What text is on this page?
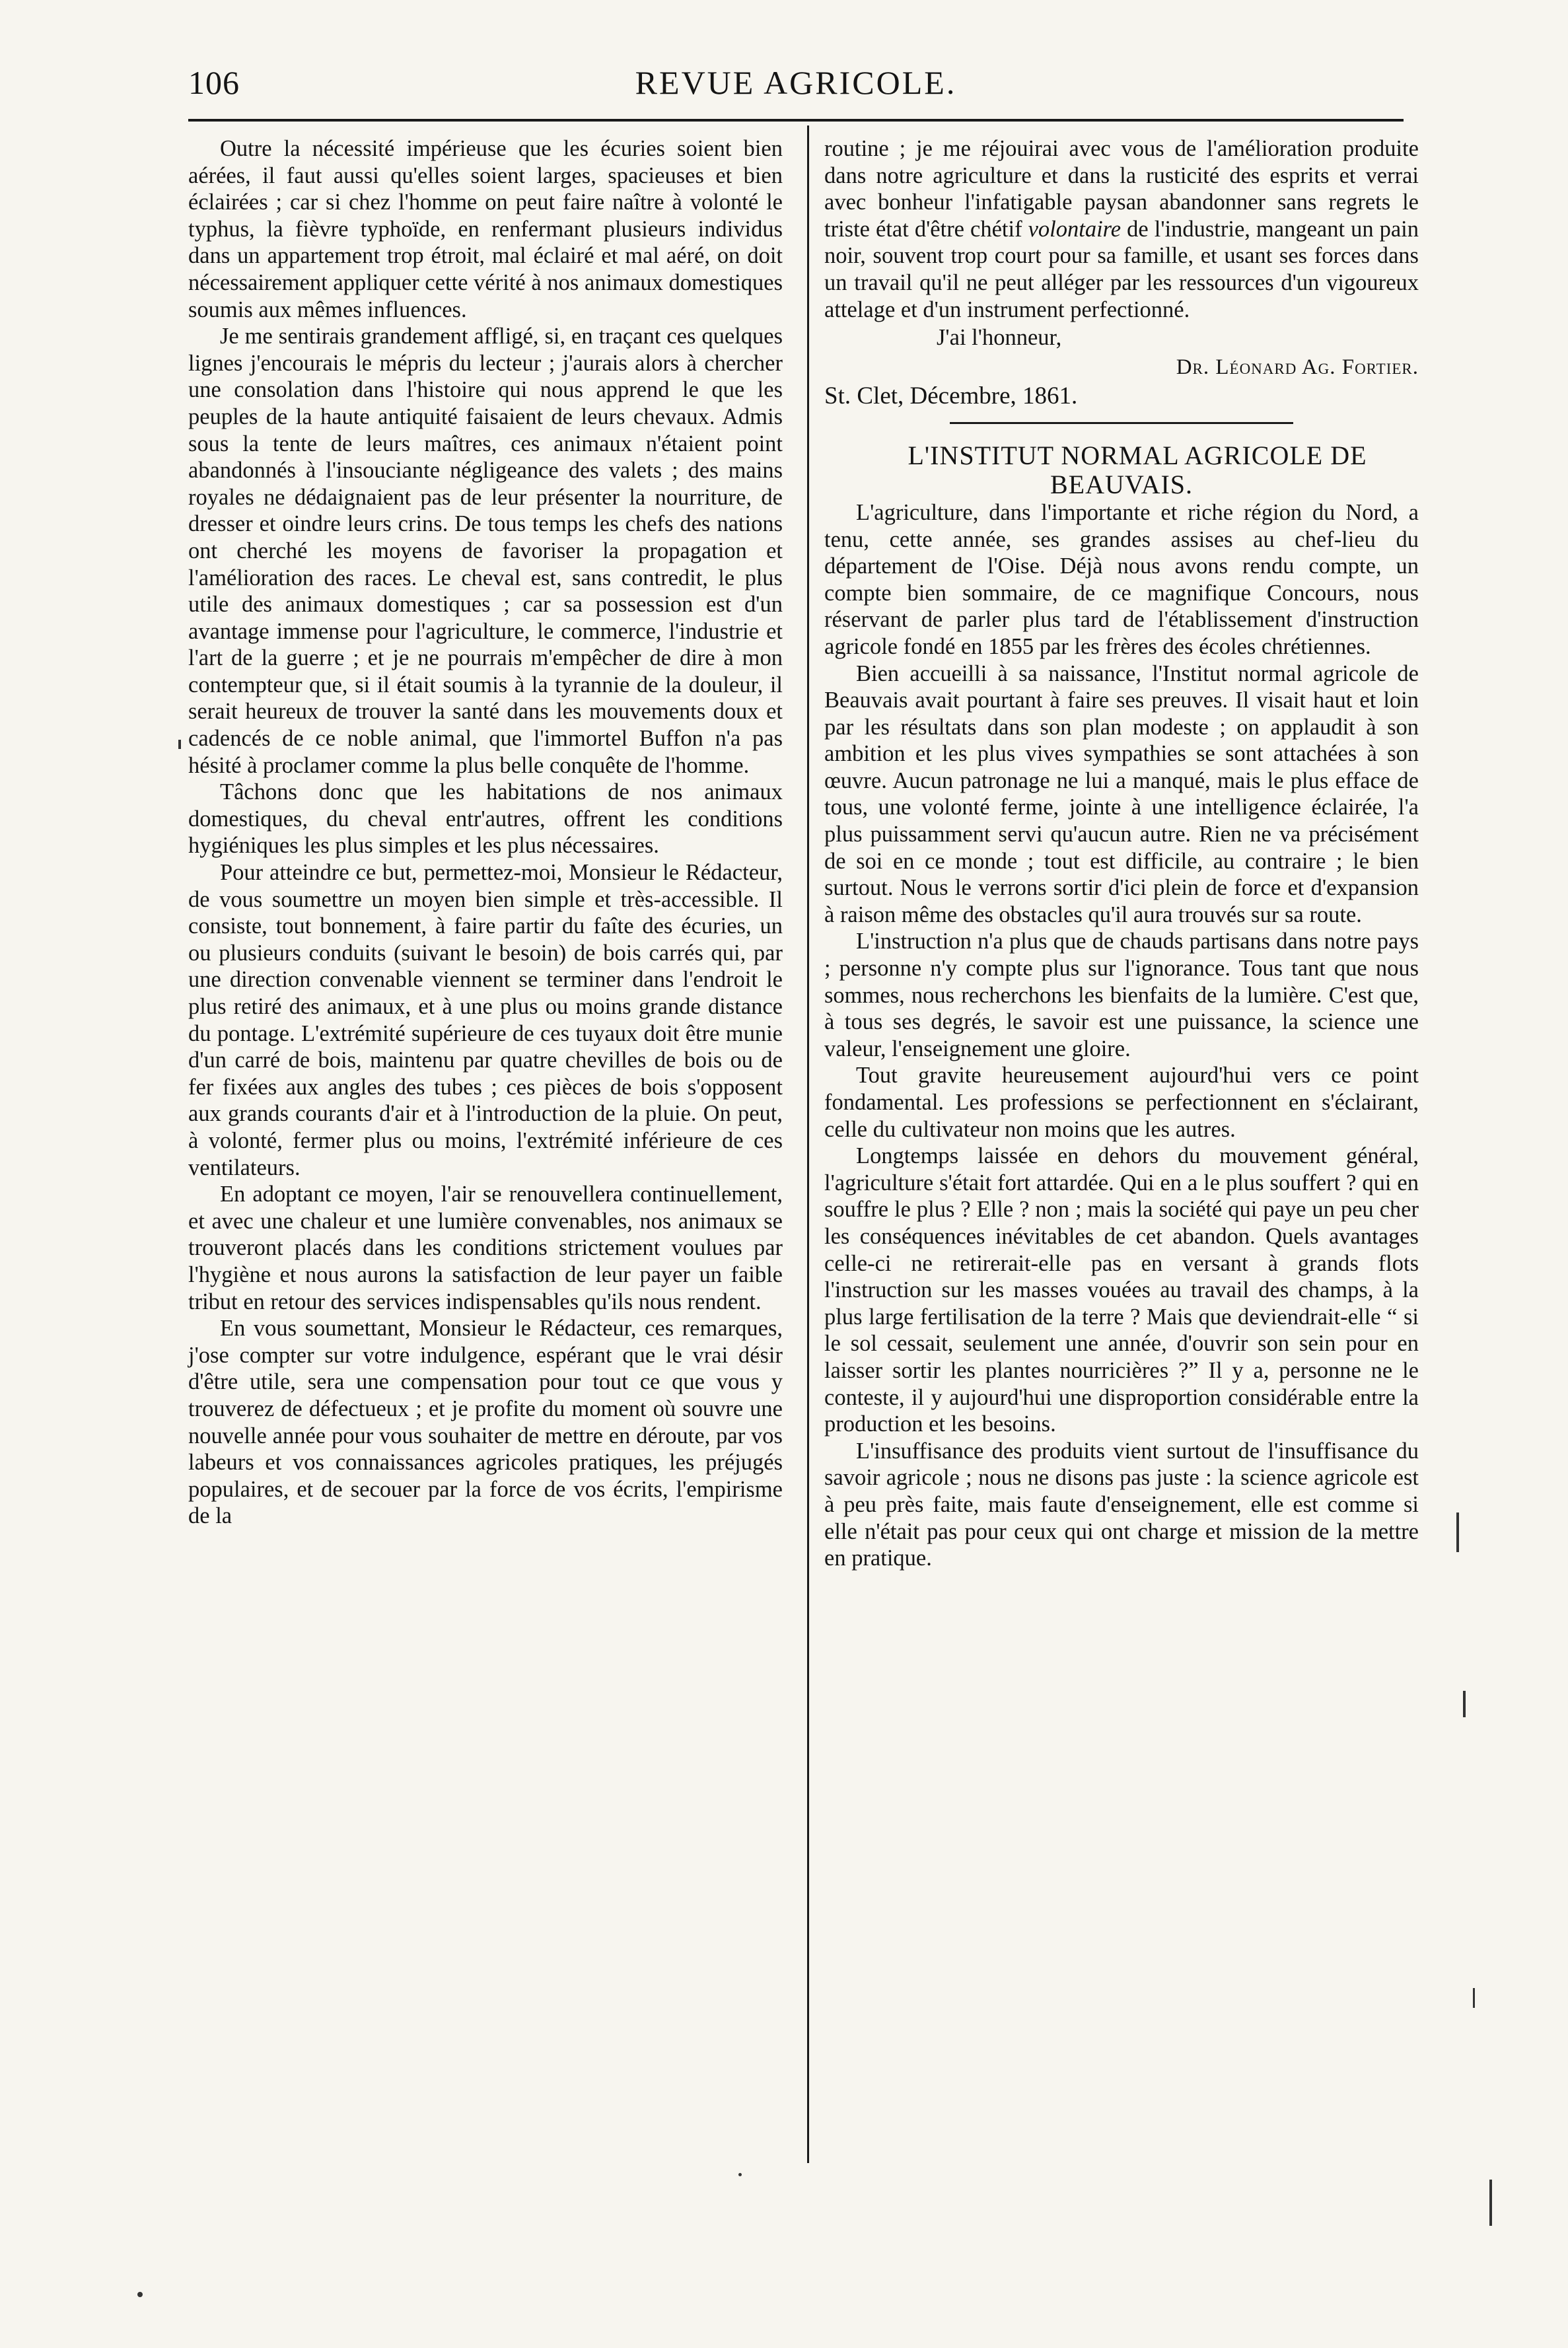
106	REVUE AGRICOLE.

Outre la nécessité impérieuse que les écuries soient bien aérées, il faut aussi qu'elles soient larges, spacieuses et bien éclairées ; car si chez l'homme on peut faire naître à volonté le typhus, la fièvre typhoïde, en renfermant plusieurs individus dans un appartement trop étroit, mal éclairé et mal aéré, on doit nécessairement appliquer cette vérité à nos animaux domestiques soumis aux mêmes influences.

Je me sentirais grandement affligé, si, en traçant ces quelques lignes j'encourais le mépris du lecteur ; j'aurais alors à chercher une consolation dans l'histoire qui nous apprend le que les peuples de la haute antiquité faisaient de leurs chevaux. Admis sous la tente de leurs maîtres, ces animaux n'étaient point abandonnés à l'insouciante négligeance des valets ; des mains royales ne dédaignaient pas de leur présenter la nourriture, de dresser et oindre leurs crins. De tous temps les chefs des nations ont cherché les moyens de favoriser la propagation et l'amélioration des races. Le cheval est, sans contredit, le plus utile des animaux domestiques ; car sa possession est d'un avantage immense pour l'agriculture, le commerce, l'industrie et l'art de la guerre ; et je ne pourrais m'empêcher de dire à mon contempteur que, si il était soumis à la tyrannie de la douleur, il serait heureux de trouver la santé dans les mouvements doux et cadencés de ce noble animal, que l'immortel Buffon n'a pas hésité à proclamer comme la plus belle conquête de l'homme.

Tâchons donc que les habitations de nos animaux domestiques, du cheval entr'autres, offrent les conditions hygiéniques les plus simples et les plus nécessaires.

Pour atteindre ce but, permettez-moi, Monsieur le Rédacteur, de vous soumettre un moyen bien simple et très-accessible. Il consiste, tout bonnement, à faire partir du faîte des écuries, un ou plusieurs conduits (suivant le besoin) de bois carrés qui, par une direction convenable viennent se terminer dans l'endroit le plus retiré des animaux, et à une plus ou moins grande distance du pontage. L'extrémité supérieure de ces tuyaux doit être munie d'un carré de bois, maintenu par quatre chevilles de bois ou de fer fixées aux angles des tubes ; ces pièces de bois s'opposent aux grands courants d'air et à l'introduction de la pluie. On peut, à volonté, fermer plus ou moins, l'extrémité inférieure de ces ventilateurs.

En adoptant ce moyen, l'air se renouvellera continuellement, et avec une chaleur et une lumière convenables, nos animaux se trouveront placés dans les conditions strictement voulues par l'hygiène et nous aurons la satisfaction de leur payer un faible tribut en retour des services indispensables qu'ils nous rendent.

En vous soumettant, Monsieur le Rédacteur, ces remarques, j'ose compter sur votre indulgence, espérant que le vrai désir d'être utile, sera une compensation pour tout ce que vous y trouverez de défectueux ; et je profite du moment où souvre une nouvelle année pour vous souhaiter de mettre en déroute, par vos labeurs et vos connaissances agricoles pratiques, les préjugés populaires, et de secouer par la force de vos écrits, l'empirisme de la

routine ; je me réjouirai avec vous de l'amélioration produite dans notre agriculture et dans la rusticité des esprits et verrai avec bonheur l'infatigable paysan abandonner sans regrets le triste état d'être chétif volontaire de l'industrie, mangeant un pain noir, souvent trop court pour sa famille, et usant ses forces dans un travail qu'il ne peut alléger par les ressources d'un vigoureux attelage et d'un instrument perfectionné.

J'ai l'honneur,

Dr. Léonard Ag. Fortier.

St. Clet, Décembre, 1861.

L'INSTITUT NORMAL AGRICOLE DE BEAUVAIS.

L'agriculture, dans l'importante et riche région du Nord, a tenu, cette année, ses grandes assises au chef-lieu du département de l'Oise. Déjà nous avons rendu compte, un compte bien sommaire, de ce magnifique Concours, nous réservant de parler plus tard de l'établissement d'instruction agricole fondé en 1855 par les frères des écoles chrétiennes.

Bien accueilli à sa naissance, l'Institut normal agricole de Beauvais avait pourtant à faire ses preuves. Il visait haut et loin par les résultats dans son plan modeste ; on applaudit à son ambition et les plus vives sympathies se sont attachées à son œuvre. Aucun patronage ne lui a manqué, mais le plus efface de tous, une volonté ferme, jointe à une intelligence éclairée, l'a plus puissamment servi qu'aucun autre. Rien ne va précisément de soi en ce monde ; tout est difficile, au contraire ; le bien surtout. Nous le verrons sortir d'ici plein de force et d'expansion à raison même des obstacles qu'il aura trouvés sur sa route.

L'instruction n'a plus que de chauds partisans dans notre pays ; personne n'y compte plus sur l'ignorance. Tous tant que nous sommes, nous recherchons les bienfaits de la lumière. C'est que, à tous ses degrés, le savoir est une puissance, la science une valeur, l'enseignement une gloire.

Tout gravite heureusement aujourd'hui vers ce point fondamental. Les professions se perfectionnent en s'éclairant, celle du cultivateur non moins que les autres.

Longtemps laissée en dehors du mouvement général, l'agriculture s'était fort attardée. Qui en a le plus souffert ? qui en souffre le plus ? Elle ? non ; mais la société qui paye un peu cher les conséquences inévitables de cet abandon. Quels avantages celle-ci ne retirerait-elle pas en versant à grands flots l'instruction sur les masses vouées au travail des champs, à la plus large fertilisation de la terre ? Mais que deviendrait-elle “ si le sol cessait, seulement une année, d'ouvrir son sein pour en laisser sortir les plantes nourricières ?” Il y a, personne ne le conteste, il y aujourd'hui une disproportion considérable entre la production et les besoins.

L'insuffisance des produits vient surtout de l'insuffisance du savoir agricole ; nous ne disons pas juste : la science agricole est à peu près faite, mais faute d'enseignement, elle est comme si elle n'était pas pour ceux qui ont charge et mission de la mettre en pratique.
